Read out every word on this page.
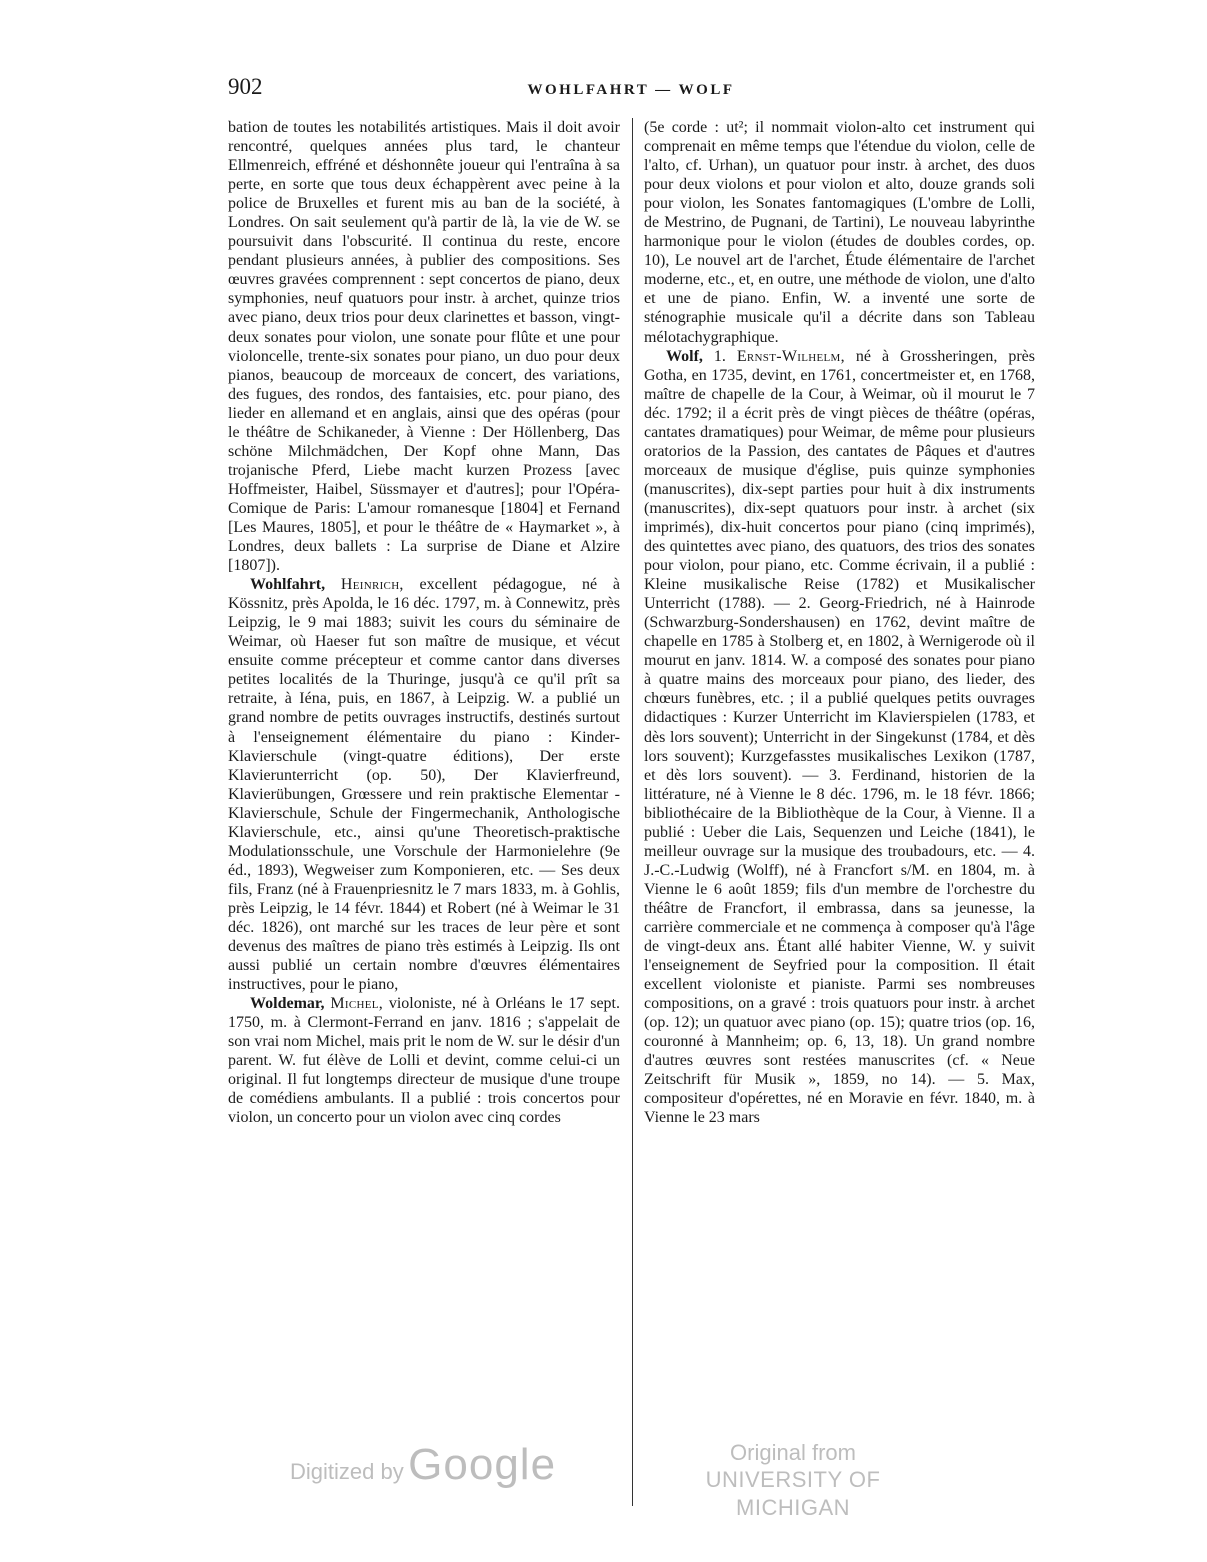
902	WOHLFAHRT — WOLF

bation de toutes les notabilités artistiques. Mais il doit avoir rencontré, quelques années plus tard, le chanteur Ellmenreich, effréné et déshonnête joueur qui l'entraîna à sa perte, en sorte que tous deux échappèrent avec peine à la police de Bruxelles et furent mis au ban de la société, à Londres. On sait seulement qu'à partir de là, la vie de W. se poursuivit dans l'obscurité. Il continua du reste, encore pendant plusieurs années, à publier des compositions. Ses œuvres gravées comprennent : sept concertos de piano, deux symphonies, neuf quatuors pour instr. à archet, quinze trios avec piano, deux trios pour deux clarinettes et basson, vingt-deux sonates pour violon, une sonate pour flûte et une pour violoncelle, trente-six sonates pour piano, un duo pour deux pianos, beaucoup de morceaux de concert, des variations, des fugues, des rondos, des fantaisies, etc. pour piano, des lieder en allemand et en anglais, ainsi que des opéras (pour le théâtre de Schikaneder, à Vienne : Der Höllenberg, Das schöne Milchmädchen, Der Kopf ohne Mann, Das trojanische Pferd, Liebe macht kurzen Prozess [avec Hoffmeister, Haibel, Süssmayer et d'autres]; pour l'Opéra-Comique de Paris: L'amour romanesque [1804] et Fernand [Les Maures, 1805], et pour le théâtre de « Haymarket », à Londres, deux ballets : La surprise de Diane et Alzire [1807]).

Wohlfahrt, Heinrich, excellent pédagogue, né à Kössnitz, près Apolda, le 16 déc. 1797, m. à Connewitz, près Leipzig, le 9 mai 1883; suivit les cours du séminaire de Weimar, où Haeser fut son maître de musique, et vécut ensuite comme précepteur et comme cantor dans diverses petites localités de la Thuringe, jusqu'à ce qu'il prît sa retraite, à Iéna, puis, en 1867, à Leipzig. W. a publié un grand nombre de petits ouvrages instructifs, destinés surtout à l'enseignement élémentaire du piano : Kinder-Klavierschule (vingt-quatre éditions), Der erste Klavierunterricht (op. 50), Der Klavierfreund, Klavierübungen, Grœssere und rein praktische Elementar - Klavierschule, Schule der Fingermechanik, Anthologische Klavierschule, etc., ainsi qu'une Theoretisch-praktische Modulationsschule, une Vorschule der Harmonielehre (9e éd., 1893), Wegweiser zum Komponieren, etc. — Ses deux fils, Franz (né à Frauenpriesnitz le 7 mars 1833, m. à Gohlis, près Leipzig, le 14 févr. 1844) et Robert (né à Weimar le 31 déc. 1826), ont marché sur les traces de leur père et sont devenus des maîtres de piano très estimés à Leipzig. Ils ont aussi publié un certain nombre d'œuvres élémentaires instructives, pour le piano,

Woldemar, Michel, violoniste, né à Orléans le 17 sept. 1750, m. à Clermont-Ferrand en janv. 1816 ; s'appelait de son vrai nom Michel, mais prit le nom de W. sur le désir d'un parent. W. fut élève de Lolli et devint, comme celui-ci un original. Il fut longtemps directeur de musique d'une troupe de comédiens ambulants. Il a publié : trois concertos pour violon, un concerto pour un violon avec cinq cordes

(5e corde : ut²; il nommait violon-alto cet instrument qui comprenait en même temps que l'étendue du violon, celle de l'alto, cf. Urhan), un quatuor pour instr. à archet, des duos pour deux violons et pour violon et alto, douze grands soli pour violon, les Sonates fantomagiques (L'ombre de Lolli, de Mestrino, de Pugnani, de Tartini), Le nouveau labyrinthe harmonique pour le violon (études de doubles cordes, op. 10), Le nouvel art de l'archet, Étude élémentaire de l'archet moderne, etc., et, en outre, une méthode de violon, une d'alto et une de piano. Enfin, W. a inventé une sorte de sténographie musicale qu'il a décrite dans son Tableau mélotachygraphique.

Wolf, 1. Ernst-Wilhelm, né à Grossheringen, près Gotha, en 1735, devint, en 1761, concertmeister et, en 1768, maître de chapelle de la Cour, à Weimar, où il mourut le 7 déc. 1792; il a écrit près de vingt pièces de théâtre (opéras, cantates dramatiques) pour Weimar, de même pour plusieurs oratorios de la Passion, des cantates de Pâques et d'autres morceaux de musique d'église, puis quinze symphonies (manuscrites), dix-sept parties pour huit à dix instruments (manuscrites), dix-sept quatuors pour instr. à archet (six imprimés), dix-huit concertos pour piano (cinq imprimés), des quintettes avec piano, des quatuors, des trios des sonates pour violon, pour piano, etc. Comme écrivain, il a publié : Kleine musikalische Reise (1782) et Musikalischer Unterricht (1788). — 2. Georg-Friedrich, né à Hainrode (Schwarzburg-Sondershausen) en 1762, devint maître de chapelle en 1785 à Stolberg et, en 1802, à Wernigerode où il mourut en janv. 1814. W. a composé des sonates pour piano à quatre mains des morceaux pour piano, des lieder, des chœurs funèbres, etc. ; il a publié quelques petits ouvrages didactiques : Kurzer Unterricht im Klavierspielen (1783, et dès lors souvent); Unterricht in der Singekunst (1784, et dès lors souvent); Kurzgefasstes musikalisches Lexikon (1787, et dès lors souvent). — 3. Ferdinand, historien de la littérature, né à Vienne le 8 déc. 1796, m. le 18 févr. 1866; bibliothécaire de la Bibliothèque de la Cour, à Vienne. Il a publié : Ueber die Lais, Sequenzen und Leiche (1841), le meilleur ouvrage sur la musique des troubadours, etc. — 4. J.-C.-Ludwig (Wolff), né à Francfort s/M. en 1804, m. à Vienne le 6 août 1859; fils d'un membre de l'orchestre du théâtre de Francfort, il embrassa, dans sa jeunesse, la carrière commerciale et ne commença à composer qu'à l'âge de vingt-deux ans. Étant allé habiter Vienne, W. y suivit l'enseignement de Seyfried pour la composition. Il était excellent violoniste et pianiste. Parmi ses nombreuses compositions, on a gravé : trois quatuors pour instr. à archet (op. 12); un quatuor avec piano (op. 15); quatre trios (op. 16, couronné à Mannheim; op. 6, 13, 18). Un grand nombre d'autres œuvres sont restées manuscrites (cf. « Neue Zeitschrift für Musik », 1859, no 14). — 5. Max, compositeur d'opérettes, né en Moravie en févr. 1840, m. à Vienne le 23 mars

Digitized by Google	Original from
UNIVERSITY OF MICHIGAN
